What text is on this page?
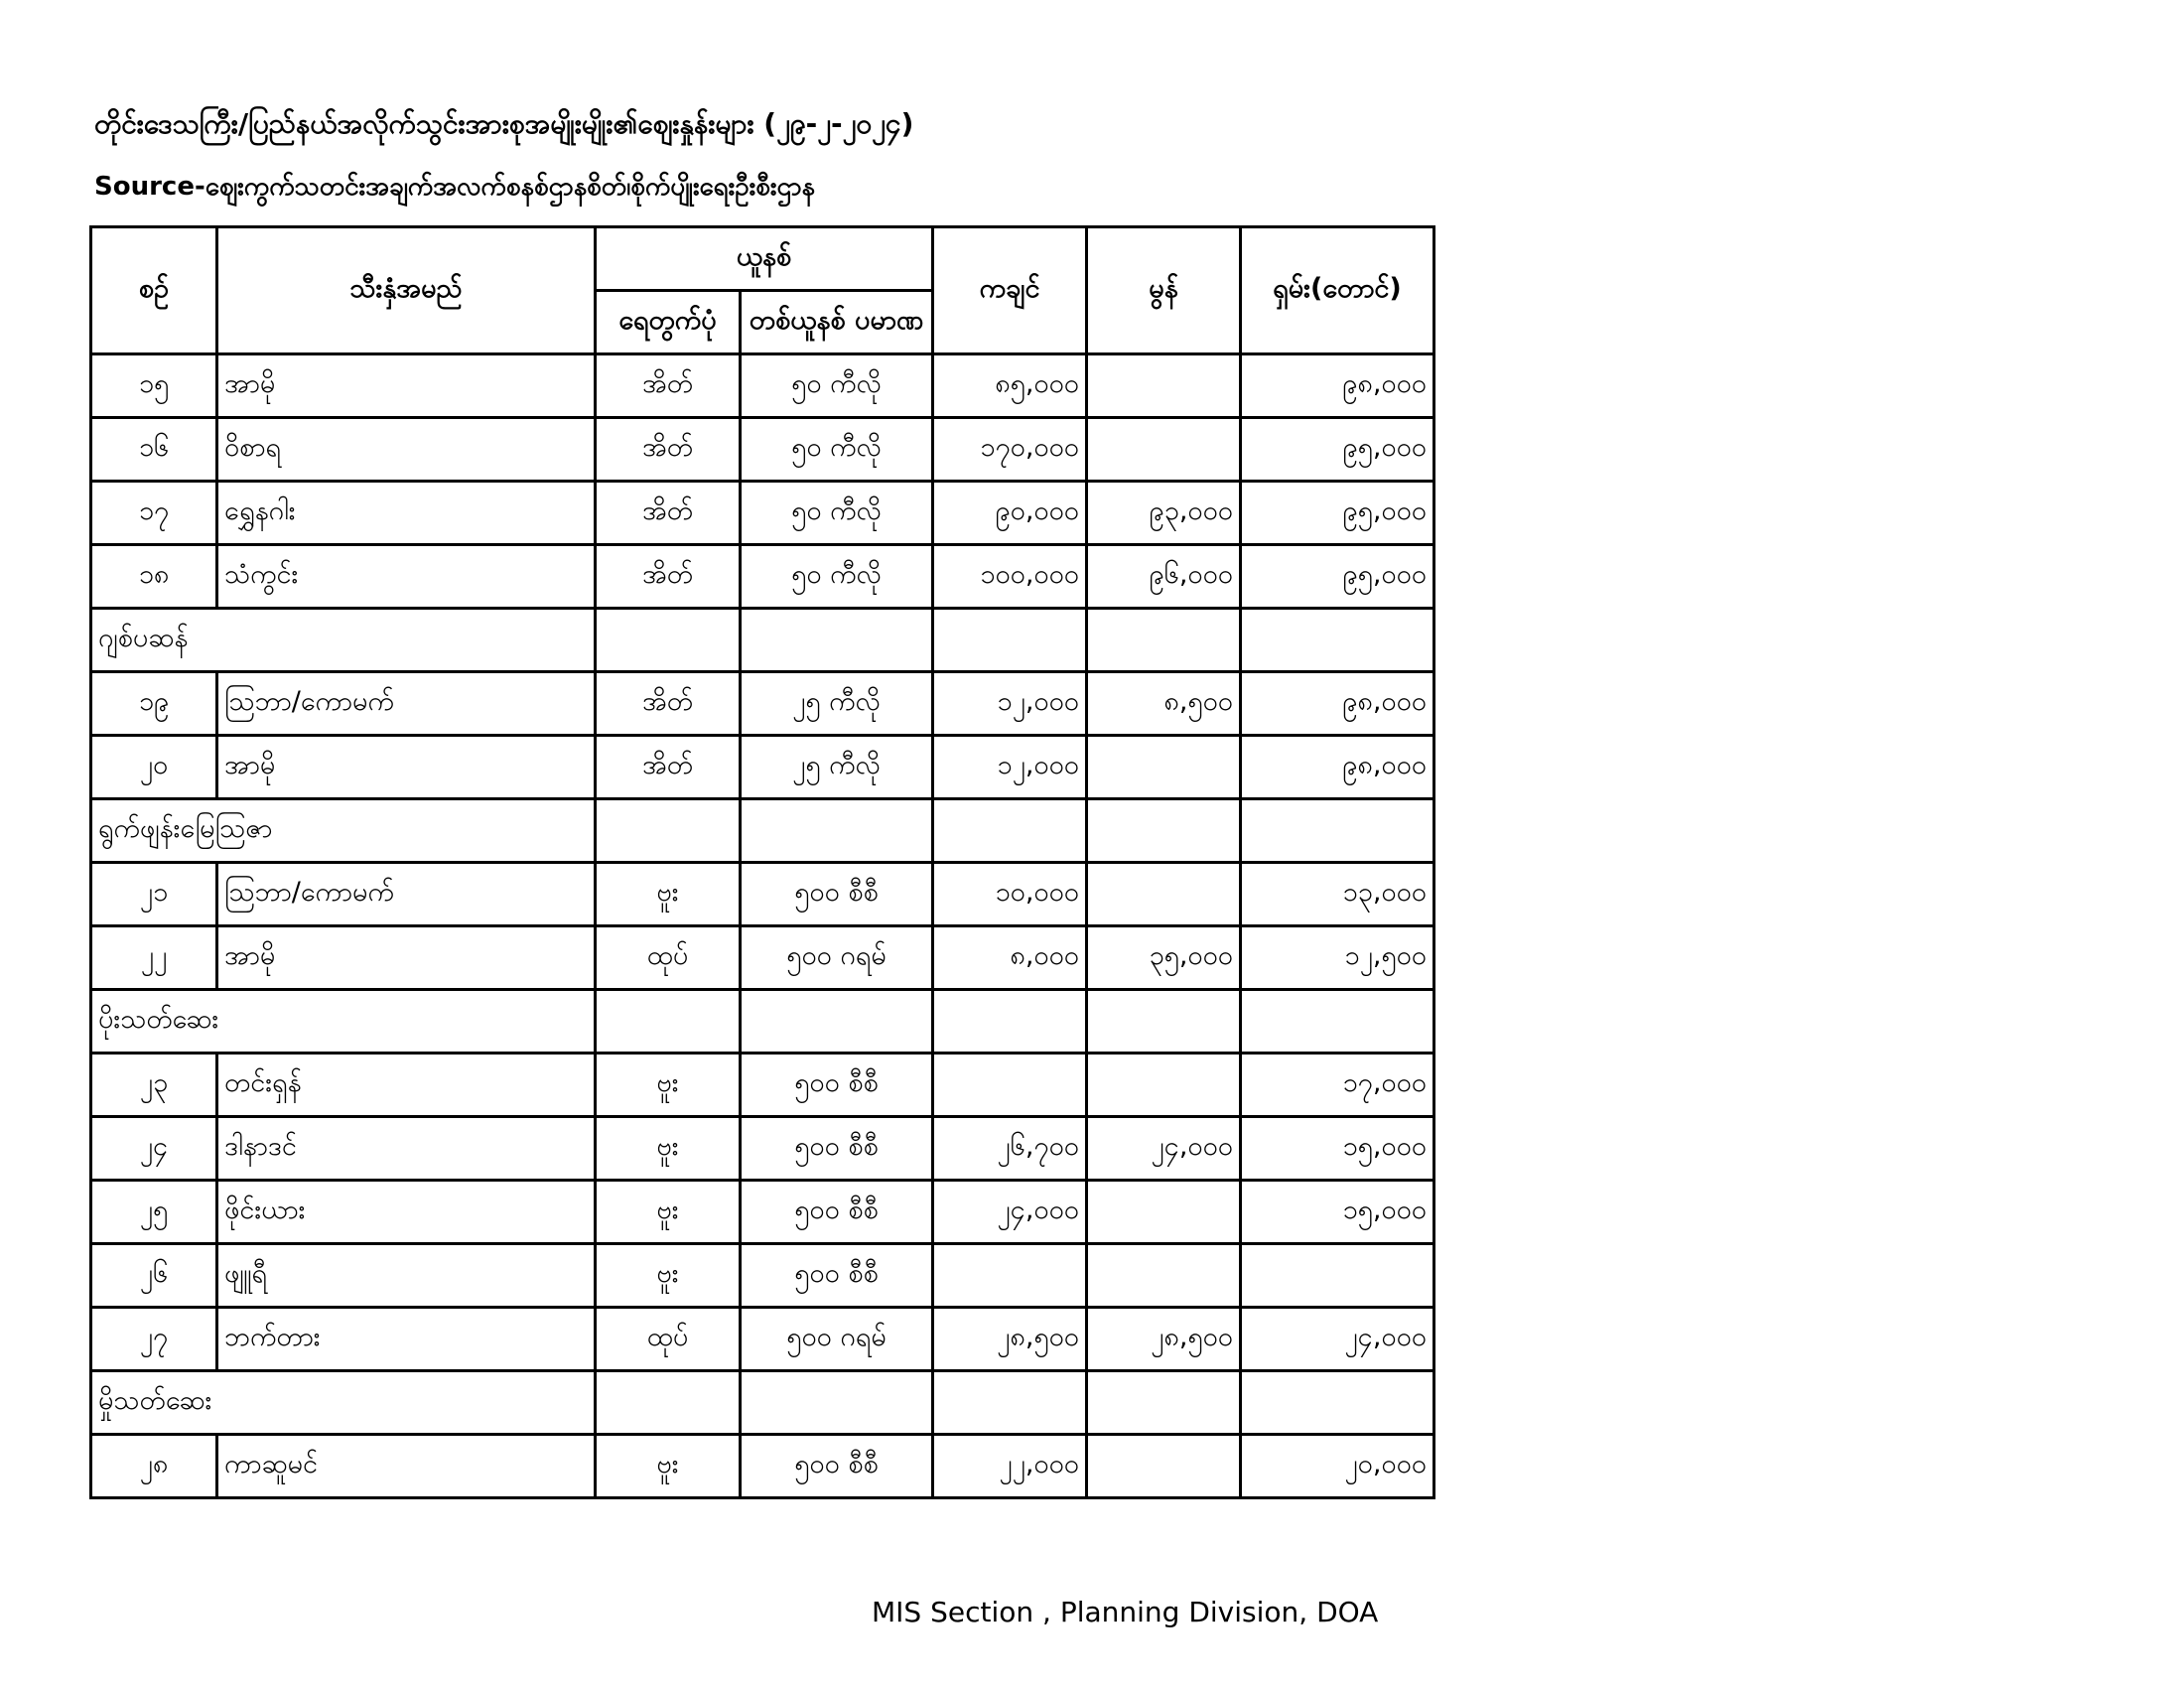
တိုင်းဒေသကြီး/ပြည်နယ်အလိုက်သွင်းအားစုအမျိုးမျိုး၏ဈေးနှုန်းများ (၂၉-၂-၂၀၂၄)
Source-ဈေးကွက်သတင်းအချက်အလက်စနစ်ဌာနစိတ်၊စိုက်ပျိုးရေးဦးစီးဌာန
စဉ်	သီးနှံအမည်	ယူနစ်		ကချင်	မွန်	ရှမ်း(တောင်)
		ရေတွက်ပုံ	တစ်ယူနစ် ပမာဏ			
၁၅	အာမို	အိတ်	၅၀ ကီလို	၈၅,၀၀၀		၉၈,၀၀၀
၁၆	ဝိစာရ	အိတ်	၅၀ ကီလို	၁၇၀,၀၀၀		၉၅,၀၀၀
၁၇	ရွှေနဂါး	အိတ်	၅၀ ကီလို	၉၀,၀၀၀	၉၃,၀၀၀	၉၅,၀၀၀
၁၈	သံကွင်း	အိတ်	၅၀ ကီလို	၁၀၀,၀၀၀	၉၆,၀၀၀	၉၅,၀၀၀
ဂျစ်ပဆန်						
၁၉	ဩဘာ/ကောမက်	အိတ်	၂၅ ကီလို	၁၂,၀၀၀	၈,၅၀၀	၉၈,၀၀၀
၂၀	အာမို	အိတ်	၂၅ ကီလို	၁၂,၀၀၀		၉၈,၀၀၀
ရွက်ဖျန်းမြေဩဇာ						
၂၁	ဩဘာ/ကောမက်	ဗူး	၅၀၀ စီစီ	၁၀,၀၀၀		၁၃,၀၀၀
၂၂	အာမို	ထုပ်	၅၀၀ ဂရမ်	၈,၀၀၀	၃၅,၀၀၀	၁၂,၅၀၀
ပိုးသတ်ဆေး						
၂၃	တင်းရှန်	ဗူး	၅၀၀ စီစီ			၁၇,၀၀၀
၂၄	ဒါနာဒင်	ဗူး	၅၀၀ စီစီ	၂၆,၇၀၀	၂၄,၀၀၀	၁၅,၀၀၀
၂၅	ဖိုင်းယား	ဗူး	၅၀၀ စီစီ	၂၄,၀၀၀		၁၅,၀၀၀
၂၆	ဖျူရီ	ဗူး	၅၀၀ စီစီ			
၂၇	ဘက်တား	ထုပ်	၅၀၀ ဂရမ်	၂၈,၅၀၀	၂၈,၅၀၀	၂၄,၀၀၀
မှိုသတ်ဆေး						
၂၈	ကာဆူမင်	ဗူး	၅၀၀ စီစီ	၂၂,၀၀၀		၂၀,၀၀၀
MIS Section , Planning Division, DOA
